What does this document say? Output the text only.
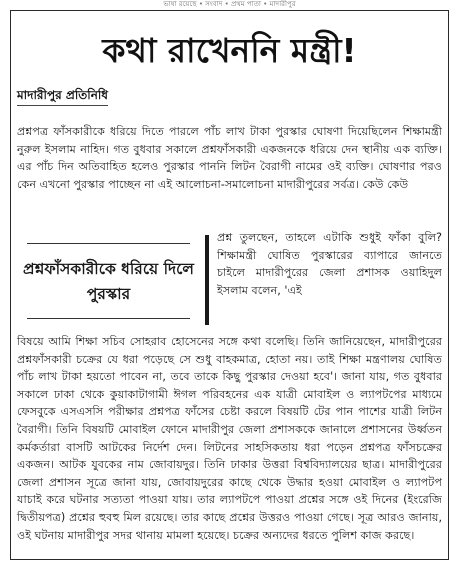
ভাষা রয়েছে • সংবাদ • প্রথম পাতা • মাদারীপুর
কথা রাখেননি মন্ত্রী!
মাদারীপুর প্রতিনিধি
প্রশ্নপত্র ফাঁসকারীকে ধরিয়ে দিতে পারলে পাঁচ লাখ টাকা পুরস্কার ঘোষণা দিয়েছিলেন শিক্ষামন্ত্রী নুরুল ইসলাম নাহিদ। গত বুধবার সকালে প্রশ্নফাঁসকারী একজনকে ধরিয়ে দেন স্থানীয় এক ব্যক্তি। এর পাঁচ দিন অতিবাহিত হলেও পুরস্কার পাননি লিটন বৈরাগী নামের ওই ব্যক্তি। ঘোষণার পরও কেন এখনো পুরস্কার পাচ্ছেন না এই আলোচনা-সমালোচনা মাদারীপুরের সর্বত্র। কেউ কেউ
প্রশ্নফাঁসকারীকে ধরিয়ে দিলে পুরস্কার
প্রশ্ন তুলছেন, তাহলে এটাকি শুধুই ফাঁকা বুলি? শিক্ষামন্ত্রী ঘোষিত পুরস্কারের ব্যাপারে জানতে চাইলে মাদারীপুরের জেলা প্রশাসক ওয়াহিদুল ইসলাম বলেন, 'এই
বিষয়ে আমি শিক্ষা সচিব সোহরাব হোসেনের সঙ্গে কথা বলেছি। তিনি জানিয়েছেন, মাদারীপুরের প্রশ্নফাঁসকারী চক্রের যে ধরা পড়েছে সে শুধু বাহকমাত্র, হোতা নয়। তাই শিক্ষা মন্ত্রণালয় ঘোষিত পাঁচ লাখ টাকা হয়তো পাবেন না, তবে তাকে কিছু পুরস্কার দেওয়া হবে'। জানা যায়, গত বুধবার সকালে ঢাকা থেকে কুয়াকাটাগামী ঈগল পরিবহনের এক যাত্রী মোবাইল ও ল্যাপটপের মাধ্যমে ফেসবুকে এসএসসি পরীক্ষার প্রশ্নপত্র ফাঁসের চেষ্টা করলে বিষয়টি টের পান পাশের যাত্রী লিটন বৈরাগী। তিনি বিষয়টি মোবাইল ফোনে মাদারীপুর জেলা প্রশাসককে জানালে প্রশাসনের উর্ধ্বতন কর্মকর্তারা বাসটি আটকের নির্দেশ দেন। লিটনের সাহসিকতায় ধরা পড়েন প্রশ্নপত্র ফাঁসচক্রের একজন। আটক যুবকের নাম জোবায়দুর। তিনি ঢাকার উত্তরা বিশ্ববিদ্যালয়ের ছাত্র। মাদারীপুরের জেলা প্রশাসন সূত্রে জানা যায়, জোবায়দুরের কাছে থেকে উদ্ধার হওয়া মোবাইল ও ল্যাপটপ যাচাই করে ঘটনার সত্যতা পাওয়া যায়। তার ল্যাপটপে পাওয়া প্রশ্নের সঙ্গে ওই দিনের (ইংরেজি দ্বিতীয়পত্র) প্রশ্নের হুবহু মিল রয়েছে। তার কাছে প্রশ্নের উত্তরও পাওয়া গেছে। সূত্র আরও জানায়, ওই ঘটনায় মাদারীপুর সদর থানায় মামলা হয়েছে। চক্রের অন্যদের ধরতে পুলিশ কাজ করছে।
